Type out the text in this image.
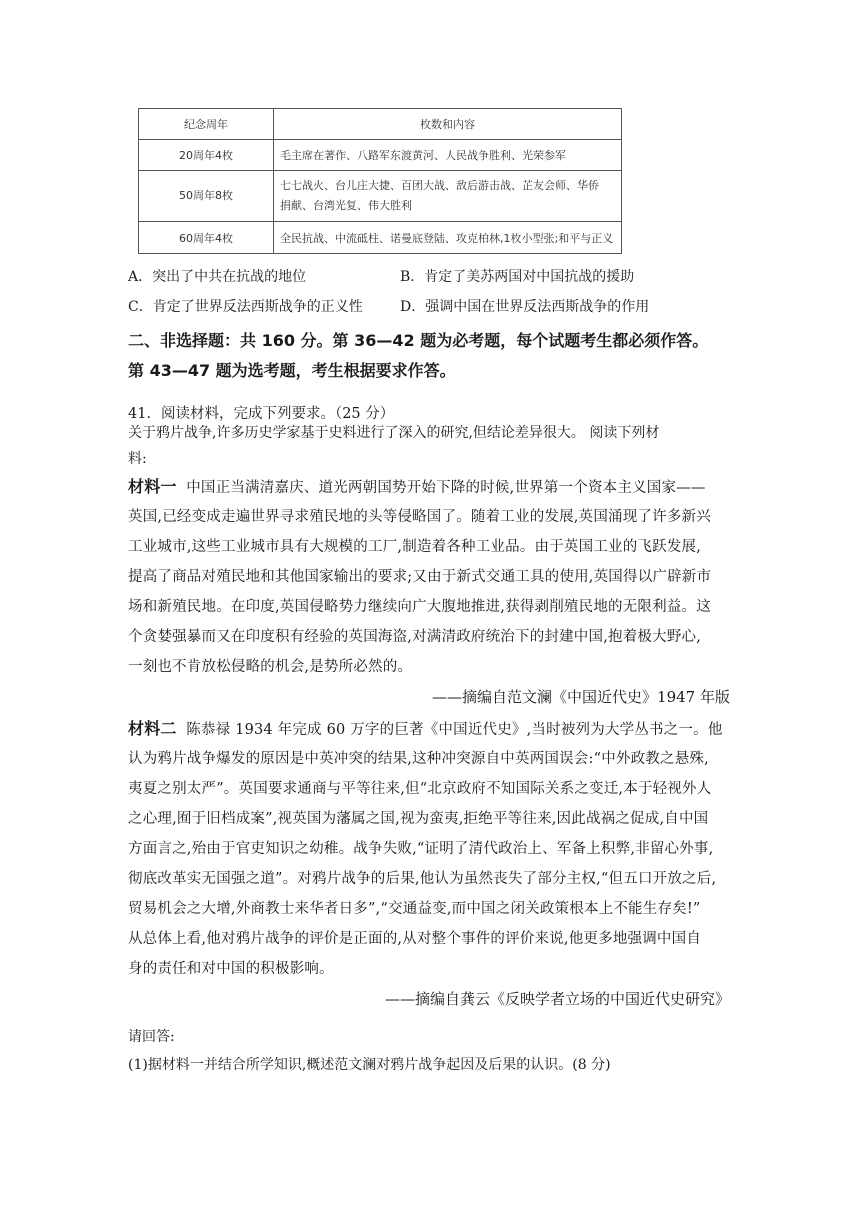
纪念周年	枚数和内容
20周年4枚	毛主席在著作、八路军东渡黄河、人民战争胜利、光荣参军
50周年8枚	七七战火、台儿庄大捷、百团大战、敌后游击战、芷友会师、华侨
捐献、台湾光复、伟大胜利

60周年4枚	全民抗战、中流砥柱、诺曼底登陆、攻克柏林,1枚小型张;和平与正义
A．突出了中共在抗战的地位	B．肯定了美苏两国对中国抗战的援助
C．肯定了世界反法西斯战争的正义性	D．强调中国在世界反法西斯战争的作用
二、非选择题：共 160 分。第 36—42 题为必考题，每个试题考生都必须作答。
第 43—47 题为选考题，考生根据要求作答。
41．阅读材料，完成下列要求。（25 分）
关于鸦片战争,许多历史学家基于史料进行了深入的研究,但结论差异很大。 阅读下列材
料:
材料一 中国正当满清嘉庆、道光两朝国势开始下降的时候,世界第一个资本主义国家——
英国,已经变成走遍世界寻求殖民地的头等侵略国了。随着工业的发展,英国涌现了许多新兴
工业城市,这些工业城市具有大规模的工厂,制造着各种工业品。由于英国工业的飞跃发展,
提高了商品对殖民地和其他国家输出的要求;又由于新式交通工具的使用,英国得以广辟新市
场和新殖民地。在印度,英国侵略势力继续向广大腹地推进,获得剥削殖民地的无限利益。这
个贪婪强暴而又在印度积有经验的英国海盗,对满清政府统治下的封建中国,抱着极大野心,
一刻也不肯放松侵略的机会,是势所必然的。
——摘编自范文澜《中国近代史》1947 年版
材料二 陈恭禄 1934 年完成 60 万字的巨著《中国近代史》,当时被列为大学丛书之一。他
认为鸦片战争爆发的原因是中英冲突的结果,这种冲突源自中英两国误会:“中外政教之悬殊,
夷夏之别太严”。英国要求通商与平等往来,但“北京政府不知国际关系之变迁,本于轻视外人
之心理,囿于旧档成案”,视英国为藩属之国,视为蛮夷,拒绝平等往来,因此战祸之促成,自中国
方面言之,殆由于官吏知识之幼稚。战争失败,“证明了清代政治上、军备上积弊,非留心外事,
彻底改革实无国强之道”。对鸦片战争的后果,他认为虽然丧失了部分主权,“但五口开放之后,
贸易机会之大增,外商教士来华者日多”,“交通益变,而中国之闭关政策根本上不能生存矣!”
从总体上看,他对鸦片战争的评价是正面的,从对整个事件的评价来说,他更多地强调中国自
身的责任和对中国的积极影响。
——摘编自龚云《反映学者立场的中国近代史研究》
请回答:
(1)据材料一并结合所学知识,概述范文澜对鸦片战争起因及后果的认识。(8 分)
